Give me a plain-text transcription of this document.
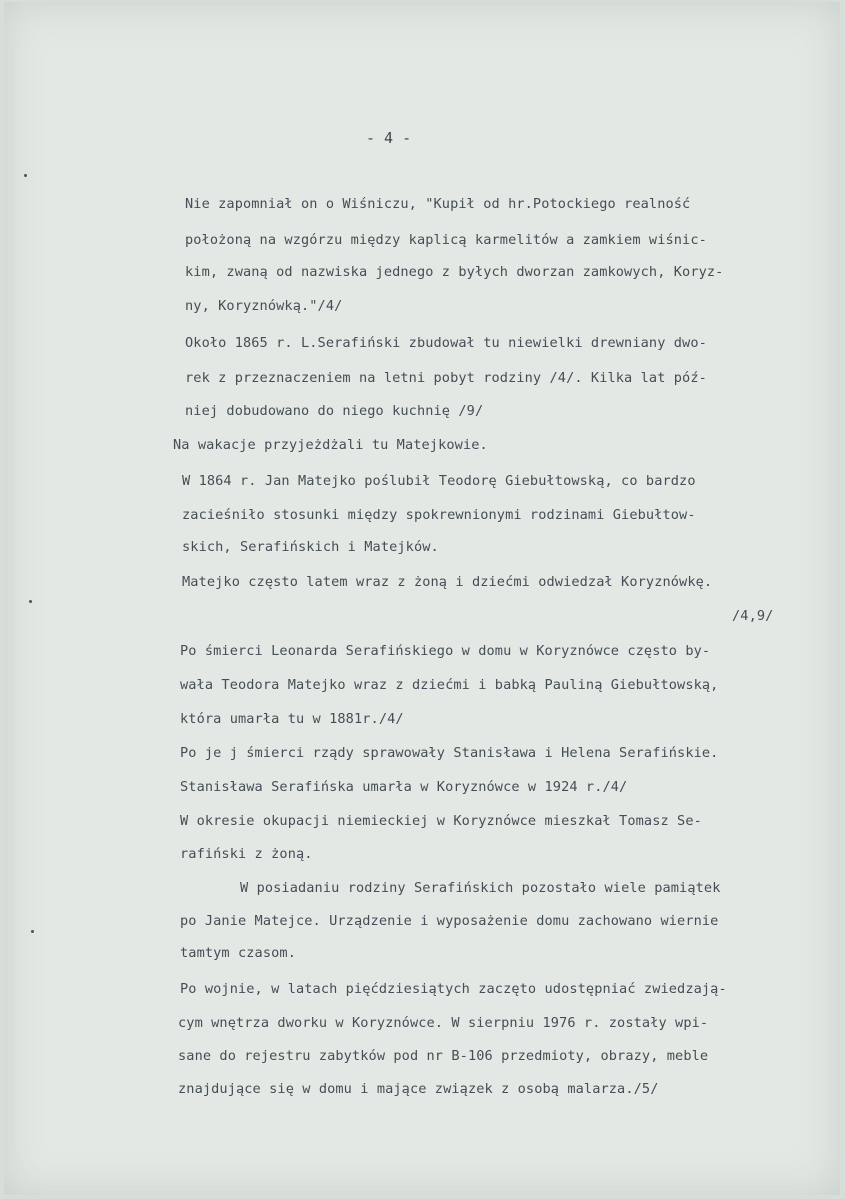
- 4 -
Nie zapomniał on o Wiśniczu, "Kupił od hr.Potockiego realność
położoną na wzgórzu między kaplicą karmelitów a zamkiem wiśnic-
kim, zwaną od nazwiska jednego z byłych dworzan zamkowych, Koryz-
ny, Koryznówką."/4/
Około 1865 r. L.Serafiński zbudował tu niewielki drewniany dwo-
rek z przeznaczeniem na letni pobyt rodziny /4/. Kilka lat póź-
niej dobudowano do niego kuchnię /9/
Na wakacje przyjeżdżali tu Matejkowie.
W 1864 r. Jan Matejko poślubił Teodorę Giebułtowską, co bardzo
zacieśniło stosunki między spokrewnionymi rodzinami Giebułtow-
skich, Serafińskich i Matejków.
Matejko często latem wraz z żoną i dziećmi odwiedzał Koryznówkę.
/4,9/
Po śmierci Leonarda Serafińskiego w domu w Koryznówce często by-
wała Teodora Matejko wraz z dziećmi i babką Pauliną Giebułtowską,
która umarła tu w 1881r./4/
Po je j śmierci rządy sprawowały Stanisława i Helena Serafińskie.
Stanisława Serafińska umarła w Koryznówce w 1924 r./4/
W okresie okupacji niemieckiej w Koryznówce mieszkał Tomasz Se-
rafiński z żoną.
W posiadaniu rodziny Serafińskich pozostało wiele pamiątek
po Janie Matejce. Urządzenie i wyposażenie domu zachowano wiernie
tamtym czasom.
Po wojnie, w latach pięćdziesiątych zaczęto udostępniać zwiedzają-
cym wnętrza dworku w Koryznówce. W sierpniu 1976 r. zostały wpi-
sane do rejestru zabytków pod nr B-106 przedmioty, obrazy, meble
znajdujące się w domu i mające związek z osobą malarza./5/
